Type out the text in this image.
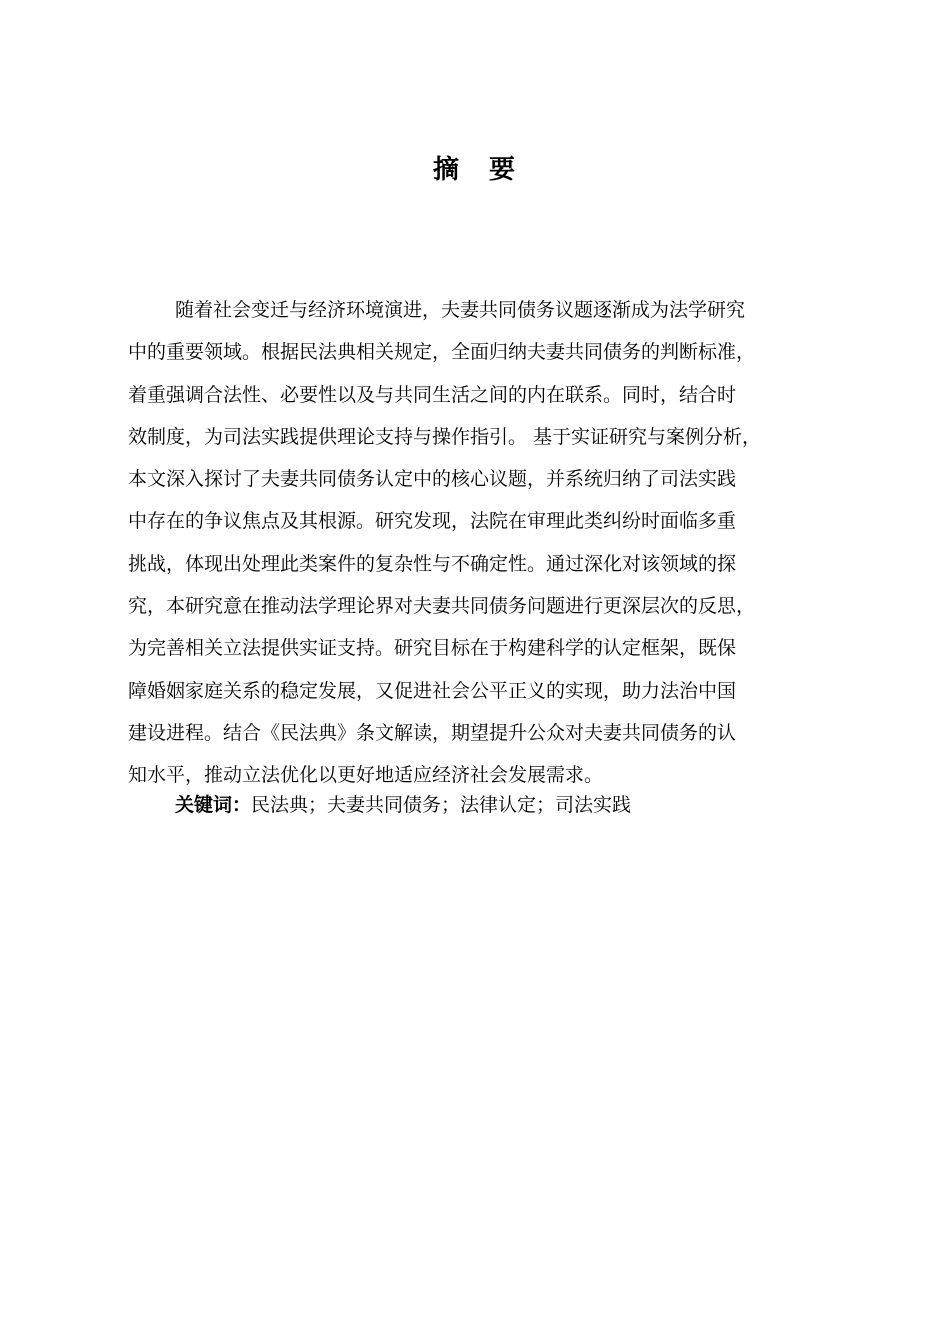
摘　要
随着社会变迁与经济环境演进，夫妻共同债务议题逐渐成为法学研究
中的重要领域。根据民法典相关规定，全面归纳夫妻共同债务的判断标准，
着重强调合法性、必要性以及与共同生活之间的内在联系。同时，结合时
效制度，为司法实践提供理论支持与操作指引。 基于实证研究与案例分析，
本文深入探讨了夫妻共同债务认定中的核心议题，并系统归纳了司法实践
中存在的争议焦点及其根源。研究发现，法院在审理此类纠纷时面临多重
挑战，体现出处理此类案件的复杂性与不确定性。通过深化对该领域的探
究，本研究意在推动法学理论界对夫妻共同债务问题进行更深层次的反思，
为完善相关立法提供实证支持。研究目标在于构建科学的认定框架，既保
障婚姻家庭关系的稳定发展，又促进社会公平正义的实现，助力法治中国
建设进程。结合《民法典》条文解读，期望提升公众对夫妻共同债务的认
知水平，推动立法优化以更好地适应经济社会发展需求。
关键词：民法典；夫妻共同债务；法律认定；司法实践
